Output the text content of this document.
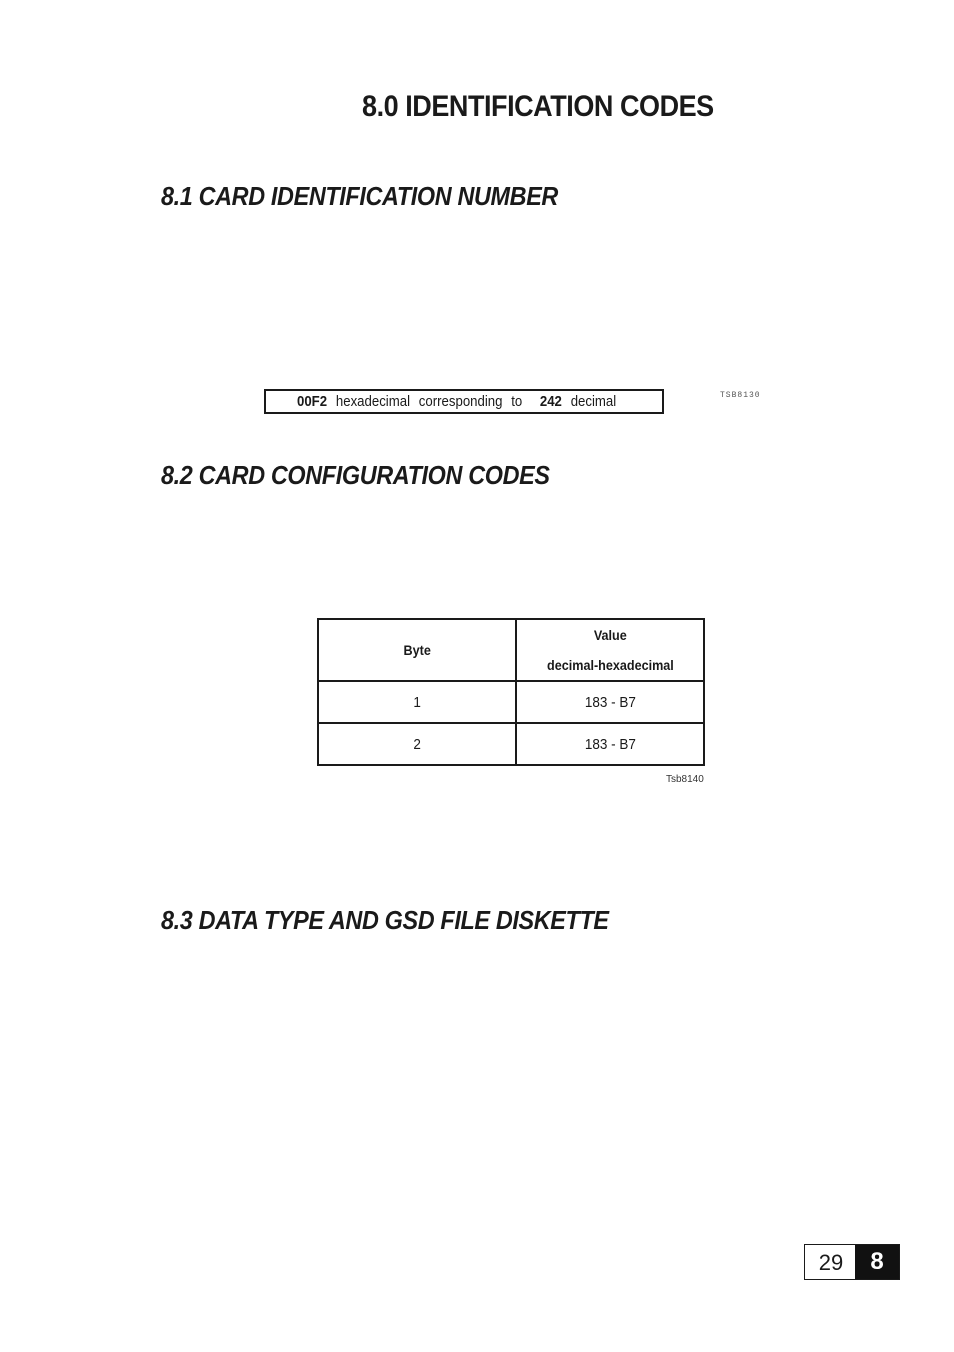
8.0 IDENTIFICATION CODES
8.1 CARD IDENTIFICATION NUMBER
00F2 hexadecimal corresponding to 242 decimal	TSB8130
8.2 CARD CONFIGURATION CODES
Byte	Value
decimal-hexadecimal

1	183 - B7
2	183 - B7
Tsb8140
8.3 DATA TYPE AND GSD FILE DISKETTE
29	8
